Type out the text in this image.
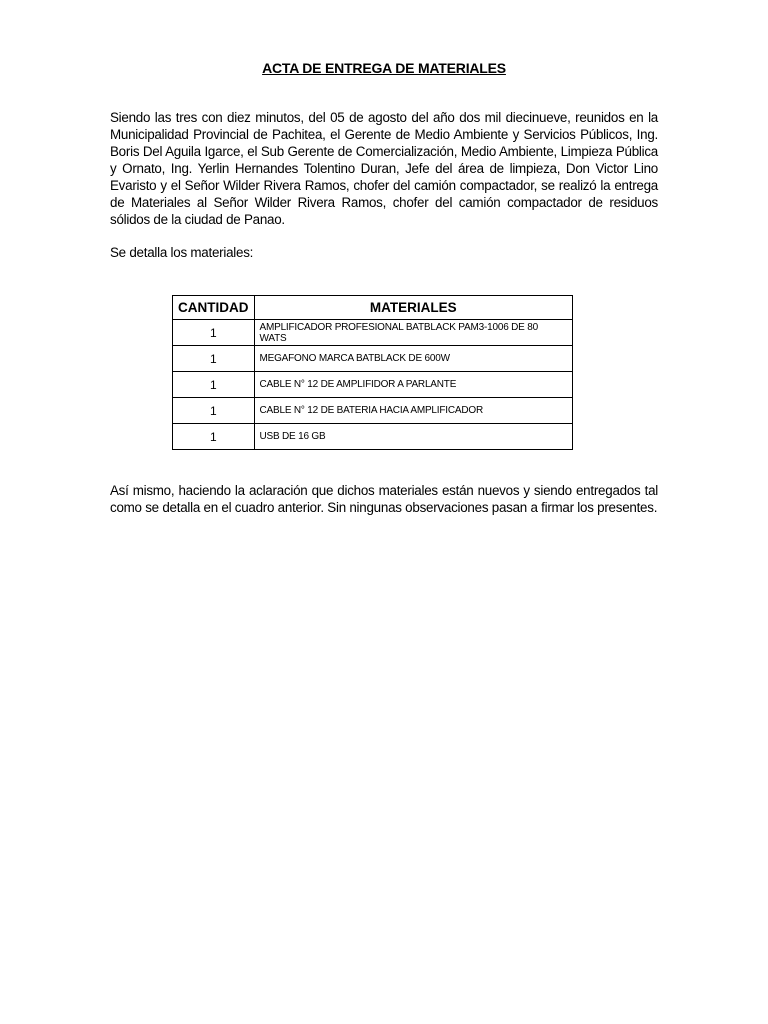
ACTA DE ENTREGA DE MATERIALES

Siendo las tres con diez minutos, del 05 de agosto del año dos mil diecinueve, reunidos en la Municipalidad Provincial de Pachitea, el Gerente de Medio Ambiente y Servicios Públicos, Ing. Boris Del Aguila Igarce, el Sub Gerente de Comercialización, Medio Ambiente, Limpieza Pública y Ornato, Ing. Yerlin Hernandes Tolentino Duran, Jefe del área de limpieza, Don Victor Lino Evaristo y el Señor Wilder Rivera Ramos, chofer del camión compactador, se realizó la entrega de Materiales al Señor Wilder Rivera Ramos, chofer del camión compactador de residuos sólidos de la ciudad de Panao.

Se detalla los materiales:

CANTIDAD	MATERIALES
1	AMPLIFICADOR PROFESIONAL BATBLACK PAM3-1006 DE 80 WATS
1	MEGAFONO MARCA BATBLACK DE 600W
1	CABLE N° 12 DE AMPLIFIDOR A PARLANTE
1	CABLE N° 12 DE BATERIA HACIA AMPLIFICADOR
1	USB DE 16 GB

Así mismo, haciendo la aclaración que dichos materiales están nuevos y siendo entregados tal como se detalla en el cuadro anterior. Sin ningunas observaciones pasan a firmar los presentes.
